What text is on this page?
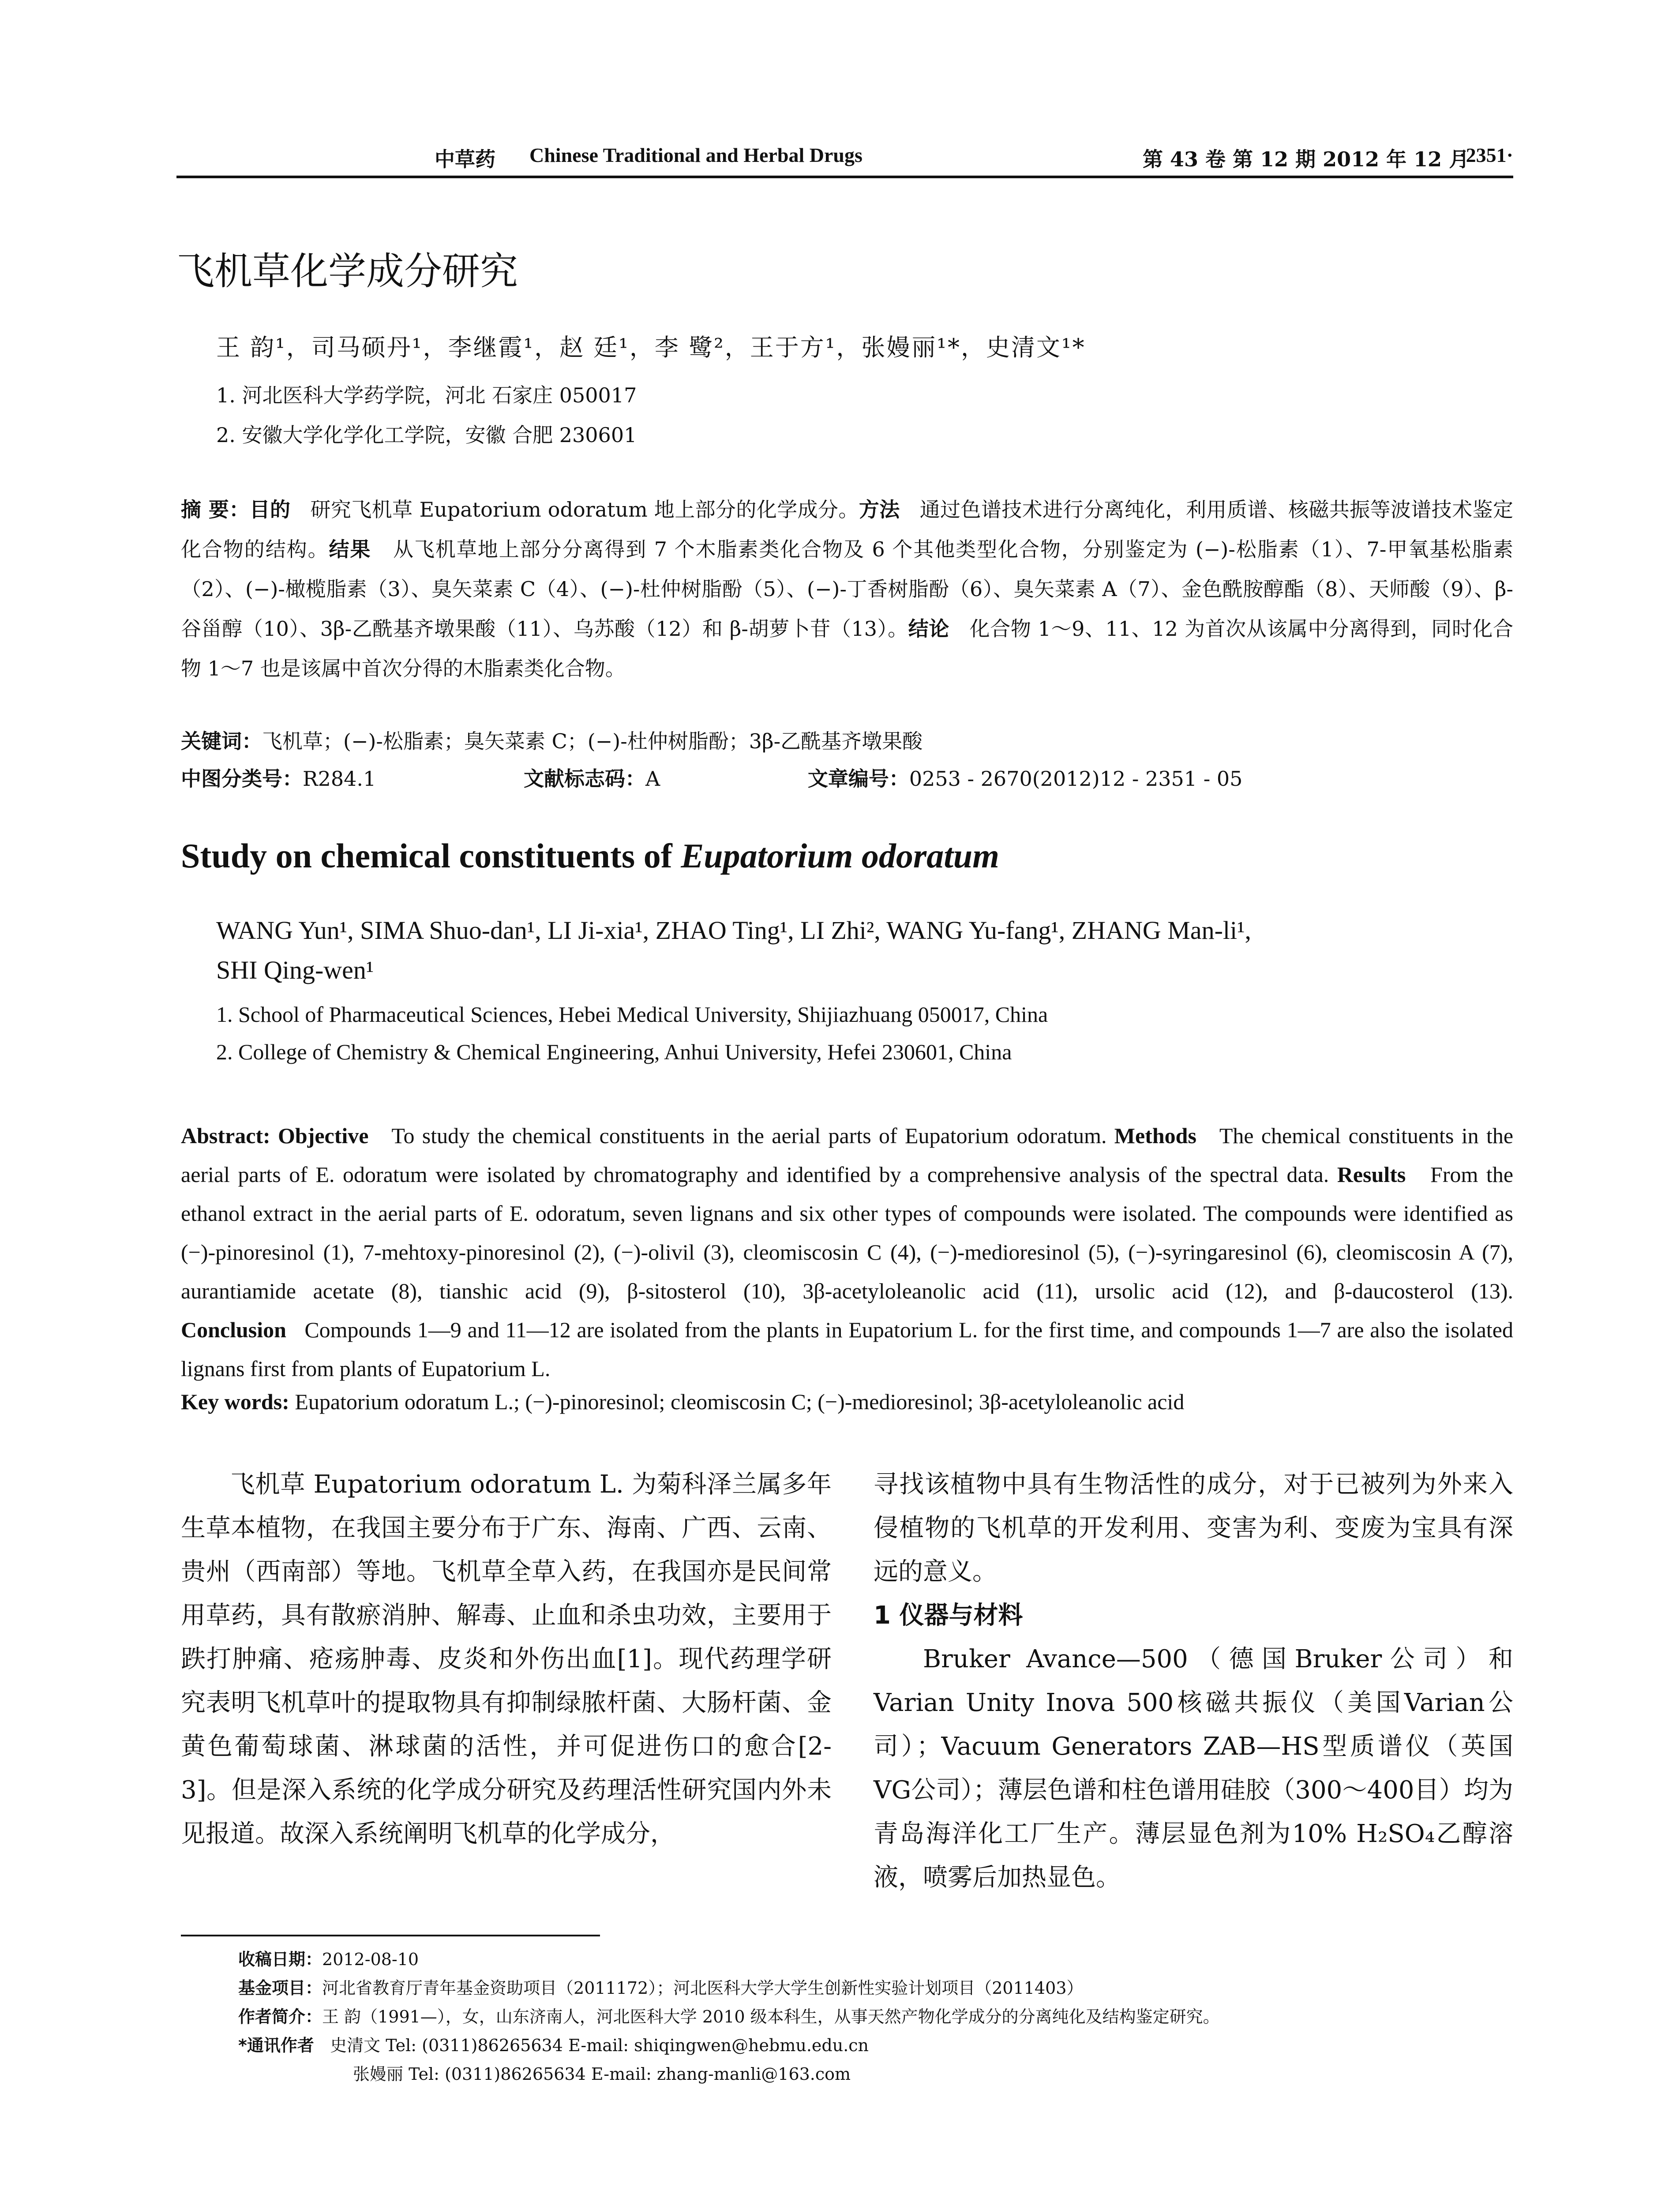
中草药 Chinese Traditional and Herbal Drugs	第 43 卷 第 12 期 2012 年 12 月
·2351·
飞机草化学成分研究
王 韵¹，司马硕丹¹，李继霞¹，赵 廷¹，李 鹭²，王于方¹，张嫚丽¹*，史清文¹*
1. 河北医科大学药学院，河北 石家庄 050017
2. 安徽大学化学化工学院，安徽 合肥 230601
摘 要：目的 研究飞机草 Eupatorium odoratum 地上部分的化学成分。方法 通过色谱技术进行分离纯化，利用质谱、核磁共振等波谱技术鉴定化合物的结构。结果 从飞机草地上部分分离得到 7 个木脂素类化合物及 6 个其他类型化合物，分别鉴定为 (−)-松脂素（1）、7-甲氧基松脂素（2）、(−)-橄榄脂素（3）、臭矢菜素 C（4）、(−)-杜仲树脂酚（5）、(−)-丁香树脂酚（6）、臭矢菜素 A（7）、金色酰胺醇酯（8）、天师酸（9）、β-谷甾醇（10）、3β-乙酰基齐墩果酸（11）、乌苏酸（12）和 β-胡萝卜苷（13）。结论 化合物 1～9、11、12 为首次从该属中分离得到，同时化合物 1～7 也是该属中首次分得的木脂素类化合物。
关键词：飞机草；(−)-松脂素；臭矢菜素 C；(−)-杜仲树脂酚；3β-乙酰基齐墩果酸
中图分类号：R284.1	文献标志码：A	文章编号：0253 - 2670(2012)12 - 2351 - 05
Study on chemical constituents of Eupatorium odoratum
WANG Yun¹, SIMA Shuo-dan¹, LI Ji-xia¹, ZHAO Ting¹, LI Zhi², WANG Yu-fang¹, ZHANG Man-li¹,
SHI Qing-wen¹
1. School of Pharmaceutical Sciences, Hebei Medical University, Shijiazhuang 050017, China
2. College of Chemistry & Chemical Engineering, Anhui University, Hefei 230601, China
Abstract: Objective To study the chemical constituents in the aerial parts of Eupatorium odoratum. Methods The chemical constituents in the aerial parts of E. odoratum were isolated by chromatography and identified by a comprehensive analysis of the spectral data. Results From the ethanol extract in the aerial parts of E. odoratum, seven lignans and six other types of compounds were isolated. The compounds were identified as (−)-pinoresinol (1), 7-mehtoxy-pinoresinol (2), (−)-olivil (3), cleomiscosin C (4), (−)-medioresinol (5), (−)-syringaresinol (6), cleomiscosin A (7), aurantiamide acetate (8), tianshic acid (9), β-sitosterol (10), 3β-acetyloleanolic acid (11), ursolic acid (12), and β-daucosterol (13). Conclusion Compounds 1—9 and 11—12 are isolated from the plants in Eupatorium L. for the first time, and compounds 1—7 are also the isolated lignans first from plants of Eupatorium L.
Key words: Eupatorium odoratum L.; (−)-pinoresinol; cleomiscosin C; (−)-medioresinol; 3β-acetyloleanolic acid
飞机草 Eupatorium odoratum L. 为菊科泽兰属多年生草本植物，在我国主要分布于广东、海南、广西、云南、贵州（西南部）等地。飞机草全草入药，在我国亦是民间常用草药，具有散瘀消肿、解毒、止血和杀虫功效，主要用于跌打肿痛、疮疡肿毒、皮炎和外伤出血[1]。现代药理学研究表明飞机草叶的提取物具有抑制绿脓杆菌、大肠杆菌、金黄色葡萄球菌、淋球菌的活性，并可促进伤口的愈合[2-3]。但是深入系统的化学成分研究及药理活性研究国内外未见报道。故深入系统阐明飞机草的化学成分，
寻找该植物中具有生物活性的成分，对于已被列为外来入侵植物的飞机草的开发利用、变害为利、变废为宝具有深远的意义。
1 仪器与材料
Bruker Avance—500（德国Bruker公司）和Varian Unity Inova 500核磁共振仪（美国Varian公司）；Vacuum Generators ZAB—HS型质谱仪（英国VG公司）；薄层色谱和柱色谱用硅胶（300～400目）均为青岛海洋化工厂生产。薄层显色剂为10% H₂SO₄乙醇溶液，喷雾后加热显色。
收稿日期：2012-08-10
基金项目：河北省教育厅青年基金资助项目（2011172）；河北医科大学大学生创新性实验计划项目（2011403）
作者简介：王 韵（1991—），女，山东济南人，河北医科大学 2010 级本科生，从事天然产物化学成分的分离纯化及结构鉴定研究。
*通讯作者 史清文 Tel: (0311)86265634 E-mail: shiqingwen@hebmu.edu.cn
张嫚丽 Tel: (0311)86265634 E-mail: zhang-manli@163.com
